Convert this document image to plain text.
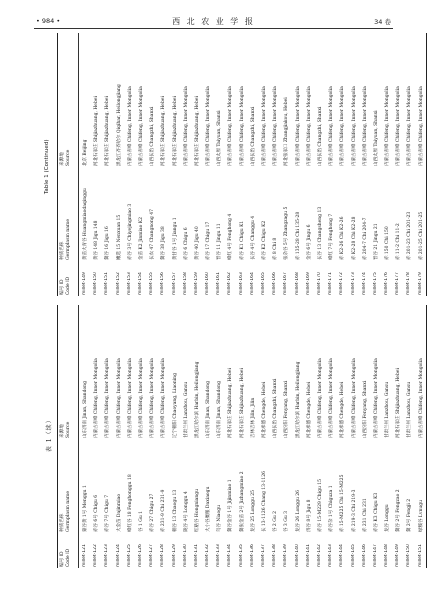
• 984 •	西 北 农 业 学 报	34 卷
表 1（续）
Table 1 (Continued)
编号 ID Code ID
种质名称 Germplasm name
来源地 Source
millet-121
蒙谷黄 1号 Menggu 1
山东济南 Jinan, Shandong
millet-122
赤谷 6号 Chigu 6
内蒙古赤峰 Chifeng, Inner Mongolia
millet-123
赤谷 7号 Chigu 7
内蒙古赤峰 Chifeng, Inner Mongolia
millet-124
大金苗 Dajinmiao
内蒙古赤峰 Chifeng, Inner Mongolia
millet-125
峰红谷 18 Fenghonggu 18
内蒙古赤峰 Chifeng, Inner Mongolia
millet-126
谷 1 Gu 1
内蒙古赤峰 Chifeng, Inner Mongolia
millet-127
赤谷 27 Chigu 27
内蒙古赤峰 Chifeng, Inner Mongolia
millet-128
赤 231-9 Chi 231-9
内蒙古赤峰 Chifeng, Inner Mongolia
millet-129
朝谷 13 Chaogu 13
辽宁朝阳 Chaoyang, Liaoning
millet-130
陇谷 4号 Longgu 4
甘肃兰州 Lanzhou, Gansu
millet-131
红粘谷 Hongniangu
黑龙江哈尔滨 Harbin, Heilongjiang
millet-132
大小谷糜粮 Daxiaogu
山东济南 Jinan, Shandong
millet-133
鸟谷 Niaogu
山东济南 Jinan, Shandong
millet-134
冀谷金谷 1号 Jijinmiao 1
河北石家庄 Shijiazhuang, Hebei
millet-135
冀张金苗 2号 Jizhangmiao 2
河北石家庄 Shijiazhuang, Hebei
millet-136
龙谷 25 Longgu 25
吉林吉林 Jilin, Jilin
millet-137
长 13-1126 Chang 13-1126
河北承德 Chengde, Hebei
millet-138
谷 2 Gu 2
山西长治 Changzhi, Shanxi
millet-139
谷 3 Gu 3
山西汾阳 Fenyang, Shanxi
millet-140
龙谷 26 Longgu 26
黑龙江哈尔滨 Harbin, Heilongjiang
millet-141
济谷 8号 Jigu 8
河北承德 Chengde, Hebei
millet-142
赤谷 15-M229 Chigu 15
内蒙古赤峰 Chifeng, Inner Mongolia
millet-143
赤谷杂 1号 Chiguza 1
内蒙古赤峰 Chifeng, Inner Mongolia
millet-144
赤 15-M225 Chi 15-M225
河北承德 Chengde, Hebei
millet-145
赤 219-3 Chi 219-3
内蒙古赤峰 Chifeng, Inner Mongolia
millet-146
赤 231 Chi 231
山西汾阳 Fenyang, Shanxi
millet-147
赤谷 K3 Chigu K3
内蒙古赤峰 Chifeng, Inner Mongolia
millet-148
龙谷 Longgu
甘肃兰州 Lanzhou, Gansu
millet-149
冀谷 2号 Fengzao 2
河北石家庄 Shijiazhuang, Hebei
millet-150
冀 2号 Fengji 2
甘肃兰州 Lanzhou, Gansu
millet-151
绿糯谷 Lvnugu
内蒙古赤峰 Chifeng, Inner Mongolia
编号 ID Code ID
种质名称 Germplasm name
来源地 Source
millet-149
黄苗大青谷 Huangmiaodaqinggu
北京 Beijing
millet-150
黄谷 148 Jigu 148
河北石家庄 Shijiazhuang, Hebei
millet-151
冀谷 16 Jigu 16
河北石家庄 Shijiazhuang, Hebei
millet-152
嫩选 15 Nenxuan 15
黑龙江齐齐哈尔 Qiqihar, Heilongjiang
millet-153
赤谷 3号 Chiyejingmiao 3
内蒙古赤峰 Chifeng, Inner Mongolia
millet-154
金苗 K2 Jinmiao K2
内蒙古赤峰 Chifeng, Inner Mongolia
millet-155
长农 47 Changnong 47
山西长治 Changzhi, Shanxi
millet-156
冀谷 38 Jigu 38
河北石家庄 Shijiazhuang, Hebei
millet-157
黄甘谷 1号 Jiangu 1
河北石家庄 Shijiazhuang, Hebei
millet-158
赤谷 6 Chigu 6
内蒙古赤峰 Chifeng, Inner Mongolia
millet-159
黄谷 40 Jigu 40
河北石家庄 Shijiazhuang, Hebei
millet-160
赤谷 17 Chigu 17
内蒙古赤峰 Chifeng, Inner Mongolia
millet-161
晋谷 11 Jingu 11
山西太原 Taiyuan, Shanxi
millet-162
峰红 4号 Fenghong 4
内蒙古赤峰 Chifeng, Inner Mongolia
millet-163
赤谷 K1 Chigu K1
内蒙古赤峰 Chifeng, Inner Mongolia
millet-164
长谷 4号 Changgu 4
山西长治 Changzhi, Shanxi
millet-165
赤谷 K2 Chigu K2
内蒙古赤峰 Chifeng, Inner Mongolia
millet-166
赤 8 Chi 8
内蒙古赤峰 Chifeng, Inner Mongolia
millet-167
张杂谷 5号 Zhangzagu 5
河北张家口 Zhangjiakou, Hebei
millet-168
赤 135-28 Chi 135-28
内蒙古赤峰 Chifeng, Inner Mongolia
millet-169
金谷 6号 Jingu 6
内蒙古赤峰 Chifeng, Inner Mongolia
millet-170
长谷 13 Changsheng 13
山西长治 Changzhi, Shanxi
millet-171
峰红 7号 Fenghong 7
内蒙古赤峰 Chifeng, Inner Mongolia
millet-172
赤 K2-26 Chi K2-26
内蒙古赤峰 Chifeng, Inner Mongolia
millet-173
赤 K2-28 Chi K2-28
内蒙古赤峰 Chifeng, Inner Mongolia
millet-174
赤 204-7 Chi 204-7
内蒙古赤峰 Chifeng, Inner Mongolia
millet-175
晋谷 21 Jingu 21
山西太原 Taiyuan, Shanxi
millet-176
赤 150 Chi 150
内蒙古赤峰 Chifeng, Inner Mongolia
millet-177
赤 11-2 Chi 11-2
内蒙古赤峰 Chifeng, Inner Mongolia
millet-178
赤 201-23 Chi 201-23
内蒙古赤峰 Chifeng, Inner Mongolia
millet-179
赤 201-25 Chi 201-25
内蒙古赤峰 Chifeng, Inner Mongolia
